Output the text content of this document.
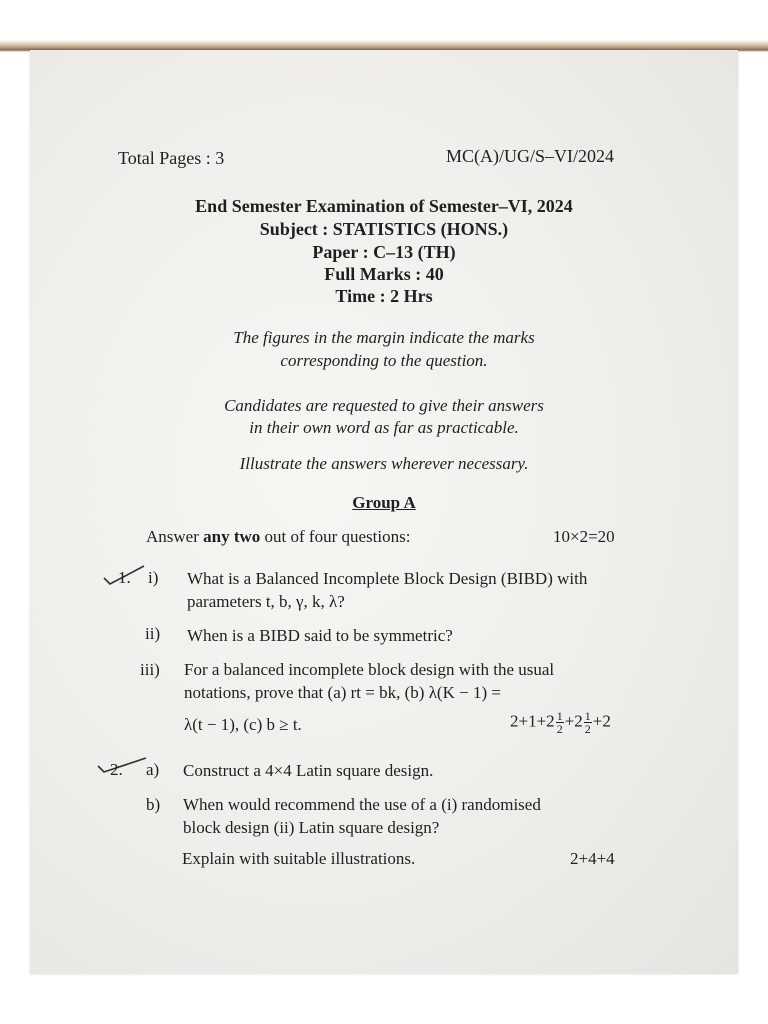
Total Pages : 3	MC(A)/UG/S–VI/2024
End Semester Examination of Semester–VI, 2024
Subject : STATISTICS (HONS.)
Paper : C–13 (TH)
Full Marks : 40
Time : 2 Hrs
The figures in the margin indicate the marks
corresponding to the question.
Candidates are requested to give their answers
in their own word as far as practicable.
Illustrate the answers wherever necessary.
Group A
Answer any two out of four questions:	10×2=20
1. i) What is a Balanced Incomplete Block Design (BIBD) with parameters t, b, γ, k, λ?
ii) When is a BIBD said to be symmetric?
iii) For a balanced incomplete block design with the usual
notations, prove that (a) rt = bk, (b) λ(K − 1) =
λ(t − 1), (c) b ≥ t.	$2+1+2 \frac{1}{2} +2 \frac{1}{2} +2$
2. a) Construct a 4×4 Latin square design.
b) When would recommend the use of a (i) randomised
block design (ii) Latin square design?
Explain with suitable illustrations.	2+4+4
